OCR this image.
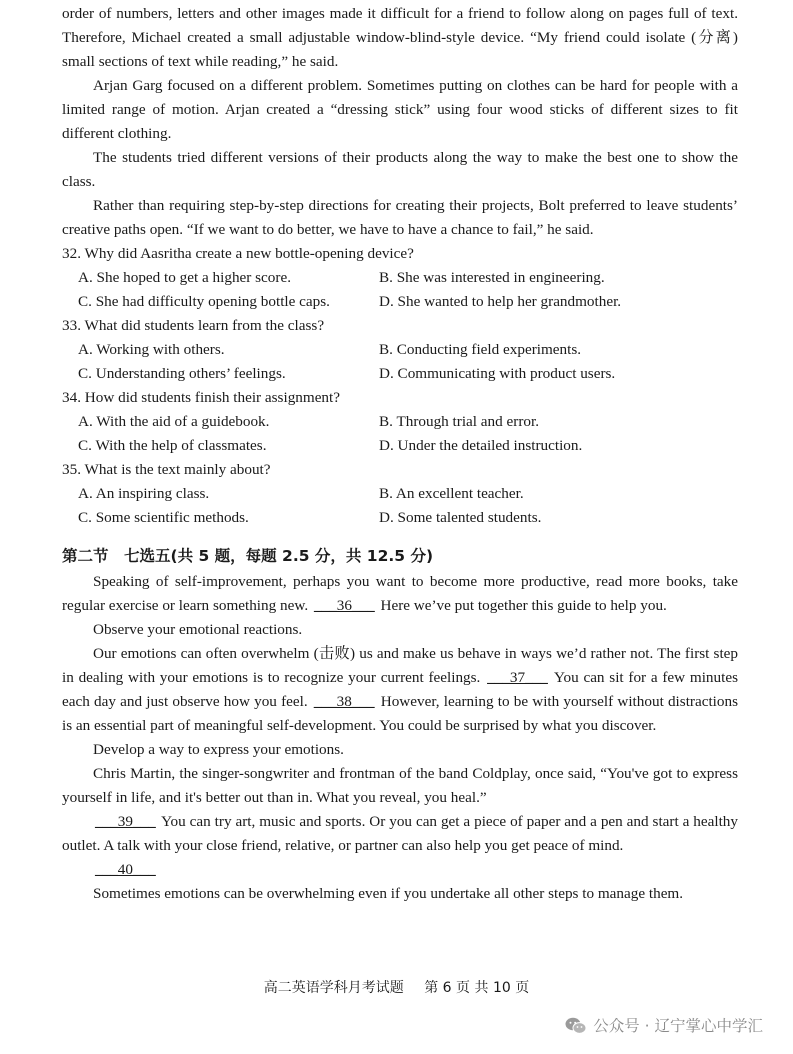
order of numbers, letters and other images made it difficult for a friend to follow along on pages full of text. Therefore, Michael created a small adjustable window-blind-style device. “My friend could isolate (分离) small sections of text while reading,” he said.

Arjan Garg focused on a different problem. Sometimes putting on clothes can be hard for people with a limited range of motion. Arjan created a “dressing stick” using four wood sticks of different sizes to fit different clothing.

The students tried different versions of their products along the way to make the best one to show the class.

Rather than requiring step-by-step directions for creating their projects, Bolt preferred to leave students’ creative paths open. “If we want to do better, we have to have a chance to fail,” he said.

32. Why did Aasritha create a new bottle-opening device?

A. She hoped to get a higher score.	B. She was interested in engineering.
C. She had difficulty opening bottle caps.	D. She wanted to help her grandmother.

33. What did students learn from the class?

A. Working with others.	B. Conducting field experiments.
C. Understanding others’ feelings.	D. Communicating with product users.

34. How did students finish their assignment?

A. With the aid of a guidebook.	B. Through trial and error.
C. With the help of classmates.	D. Under the detailed instruction.

35. What is the text mainly about?

A. An inspiring class.	B. An excellent teacher.
C. Some scientific methods.	D. Some talented students.
第二节　七选五(共 5 题，每题 2.5 分，共 12.5 分)

Speaking of self-improvement, perhaps you want to become more productive, read more books, take regular exercise or learn something new. ___36___ Here we’ve put together this guide to help you.

Observe your emotional reactions.

Our emotions can often overwhelm (击败) us and make us behave in ways we’d rather not. The first step in dealing with your emotions is to recognize your current feelings. ___37___ You can sit for a few minutes each day and just observe how you feel. ___38___ However, learning to be with yourself without distractions is an essential part of meaningful self-development. You could be surprised by what you discover.

Develop a way to express your emotions.

Chris Martin, the singer-songwriter and frontman of the band Coldplay, once said, “You've got to express yourself in life, and it's better out than in. What you reveal, you heal.”

___39___ You can try art, music and sports. Or you can get a piece of paper and a pen and start a healthy outlet. A talk with your close friend, relative, or partner can also help you get peace of mind.

___40___

Sometimes emotions can be overwhelming even if you undertake all other steps to manage them.

高二英语学科月考试题 第 6 页 共 10 页
公众号 · 辽宁掌心中学汇
